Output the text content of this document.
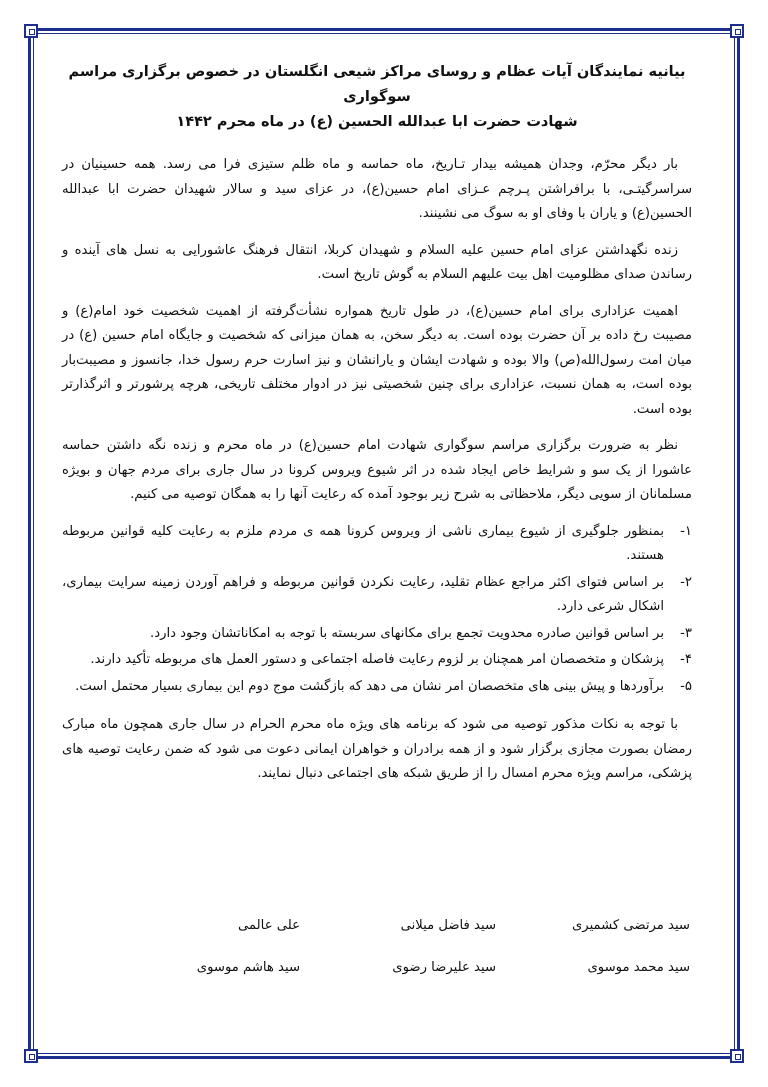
بیانیه نمایندگان آیات عظام و روسای مراکز شیعی انگلستان در خصوص برگزاری مراسم سوگواری
شهادت حضرت ابا عبدالله الحسین (ع) در ماه محرم ۱۴۴۲

بار دیگر محرّم، وجدان همیشه بیدار تـاریخ، ماه حماسه و ماه ظلم ستیزی فرا می رسد. همه حسینیان در سراسرگیتـی، با برافراشتن پـرچم عـزای امام حسین(ع)، در عزای سید و سالار شهیدان حضرت ابا عبدالله الحسین(ع) و یاران با وفای او به سوگ می نشینند.

زنده نگهداشتن عزای امام حسین علیه السلام و شهیدان کربلا، انتقال فرهنگ عاشورایی به نسل های آینده و رساندن صدای مظلومیت اهل بیت علیهم السلام به گوش تاریخ است.

اهمیت عزاداری برای امام حسین(ع)، در طول تاریخ همواره نشأت‌گرفته از اهمیت شخصیت خود امام(ع) و مصیبت رخ داده بر آن حضرت بوده است. به دیگر سخن، به همان میزانی که شخصیت و جایگاه امام حسین (ع) در میان امت رسول‌الله(ص) والا بوده و شهادت ایشان و یارانشان و نیز اسارت حرم رسول خدا، جانسوز و مصیبت‌بار بوده است، به همان نسبت، عزاداری برای چنین شخصیتی نیز در ادوار مختلف تاریخی، هرچه پرشورتر و اثرگذارتر بوده است.

نظر به ضرورت برگزاری مراسم سوگواری شهادت امام حسین(ع) در ماه محرم و زنده نگه داشتن حماسه عاشورا از یک سو و شرایط خاص ایجاد شده در اثر شیوع ویروس کرونا در سال جاری برای مردم جهان و بویژه مسلمانان از سویی دیگر، ملاحظاتی به شرح زیر بوجود آمده که رعایت آنها را به همگان توصیه می کنیم.

۱-
بمنظور جلوگیری از شیوع بیماری ناشی از ویروس کرونا همه ی مردم ملزم به رعایت کلیه قوانین مربوطه هستند.
۲-
بر اساس فتوای اکثر مراجع عظام تقلید، رعایت نکردن قوانین مربوطه و فراهم آوردن زمینه سرایت بیماری، اشکال شرعی دارد.
۳-
بر اساس قوانین صادره محدویت تجمع برای مکانهای سربسته با توجه به امکاناتشان وجود دارد.
۴-
پزشکان و متخصصان امر همچنان بر لزوم رعایت فاصله اجتماعی و دستور العمل های مربوطه تأکید دارند.
۵-
برآوردها و پیش بینی های متخصصان امر نشان می دهد که بازگشت موج دوم این بیماری بسیار محتمل است.

با توجه به نکات مذکور توصیه می شود که برنامه های ویژه ماه محرم الحرام در سال جاری همچون ماه مبارک رمضان بصورت مجازی برگزار شود و از همه برادران و خواهران ایمانی دعوت می شود که ضمن رعایت توصیه های پزشکی، مراسم ویژه محرم امسال را از طریق شبکه های اجتماعی دنبال نمایند.

سید مرتضی کشمیری
سید فاضل میلانی
علی عالمی
سید محمد موسوی
سید علیرضا رضوی
سید هاشم موسوی
